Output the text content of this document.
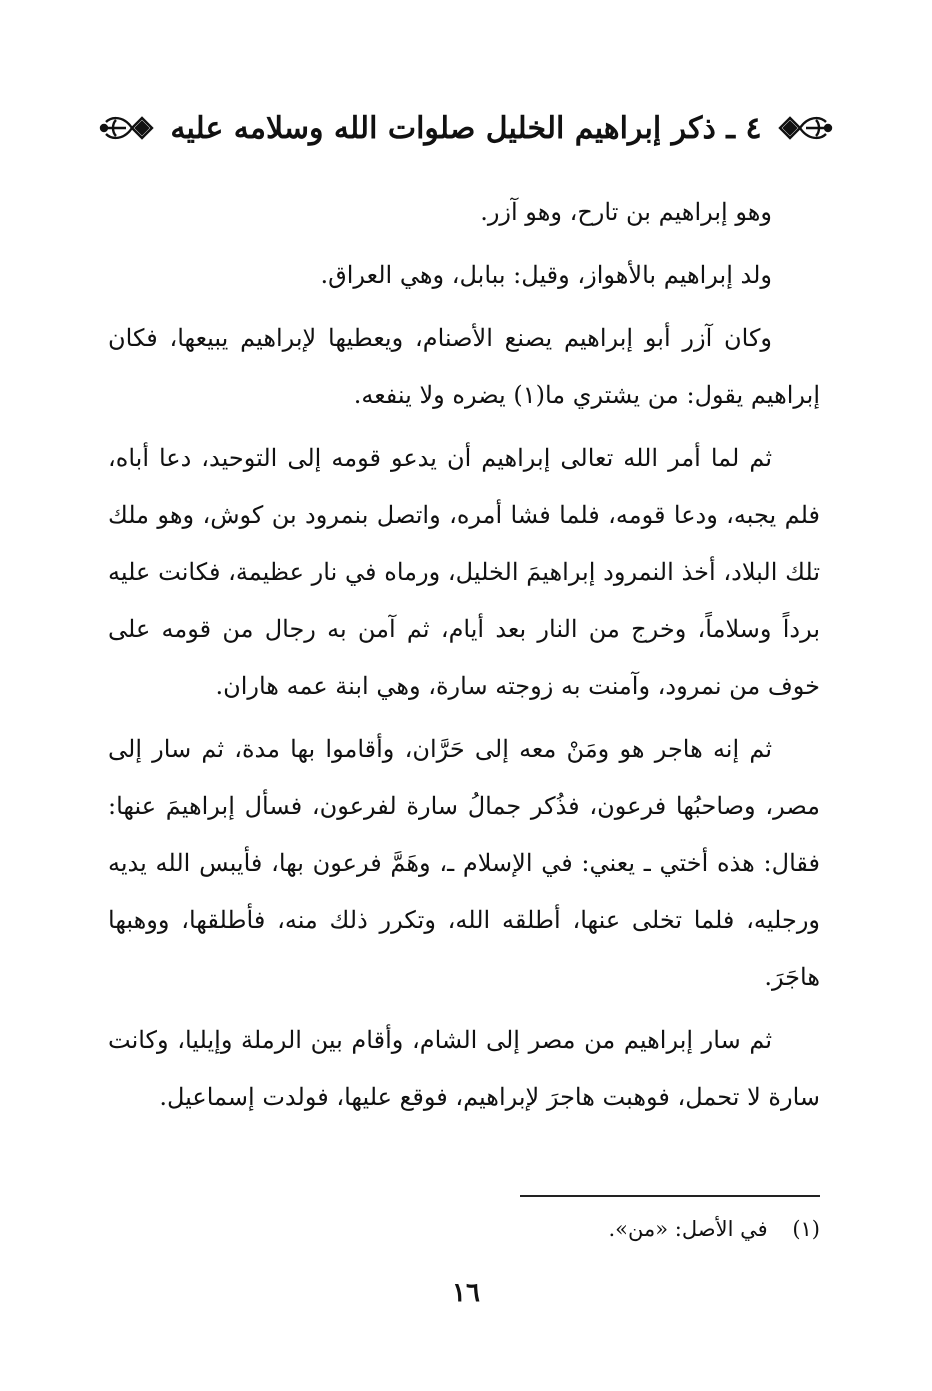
٤ ـ ذكر إبراهيم الخليل صلوات الله وسلامه عليه

وهو إبراهيم بن تارح، وهو آزر.

ولد إبراهيم بالأهواز، وقيل: ببابل، وهي العراق.

وكان آزر أبو إبراهيم يصنع الأصنام، ويعطيها لإبراهيم يبيعها، فكان إبراهيم يقول: من يشتري ما(١) يضره ولا ينفعه.

ثم لما أمر الله تعالى إبراهيم أن يدعو قومه إلى التوحيد، دعا أباه، فلم يجبه، ودعا قومه، فلما فشا أمره، واتصل بنمرود بن كوش، وهو ملك تلك البلاد، أخذ النمرود إبراهيمَ الخليل، ورماه في نار عظيمة، فكانت عليه برداً وسلاماً، وخرج من النار بعد أيام، ثم آمن به رجال من قومه على خوف من نمرود، وآمنت به زوجته سارة، وهي ابنة عمه هاران.

ثم إنه هاجر هو ومَنْ معه إلى حَرَّان، وأقاموا بها مدة، ثم سار إلى مصر، وصاحبُها فرعون، فذُكر جمالُ سارة لفرعون، فسأل إبراهيمَ عنها: فقال: هذه أختي ـ يعني: في الإسلام ـ، وهَمَّ فرعون بها، فأيبس الله يديه ورجليه، فلما تخلى عنها، أطلقه الله، وتكرر ذلك منه، فأطلقها، ووهبها هاجَرَ.

ثم سار إبراهيم من مصر إلى الشام، وأقام بين الرملة وإيليا، وكانت سارة لا تحمل، فوهبت هاجرَ لإبراهيم، فوقع عليها، فولدت إسماعيل.

(١) في الأصل: «من».
١٦
